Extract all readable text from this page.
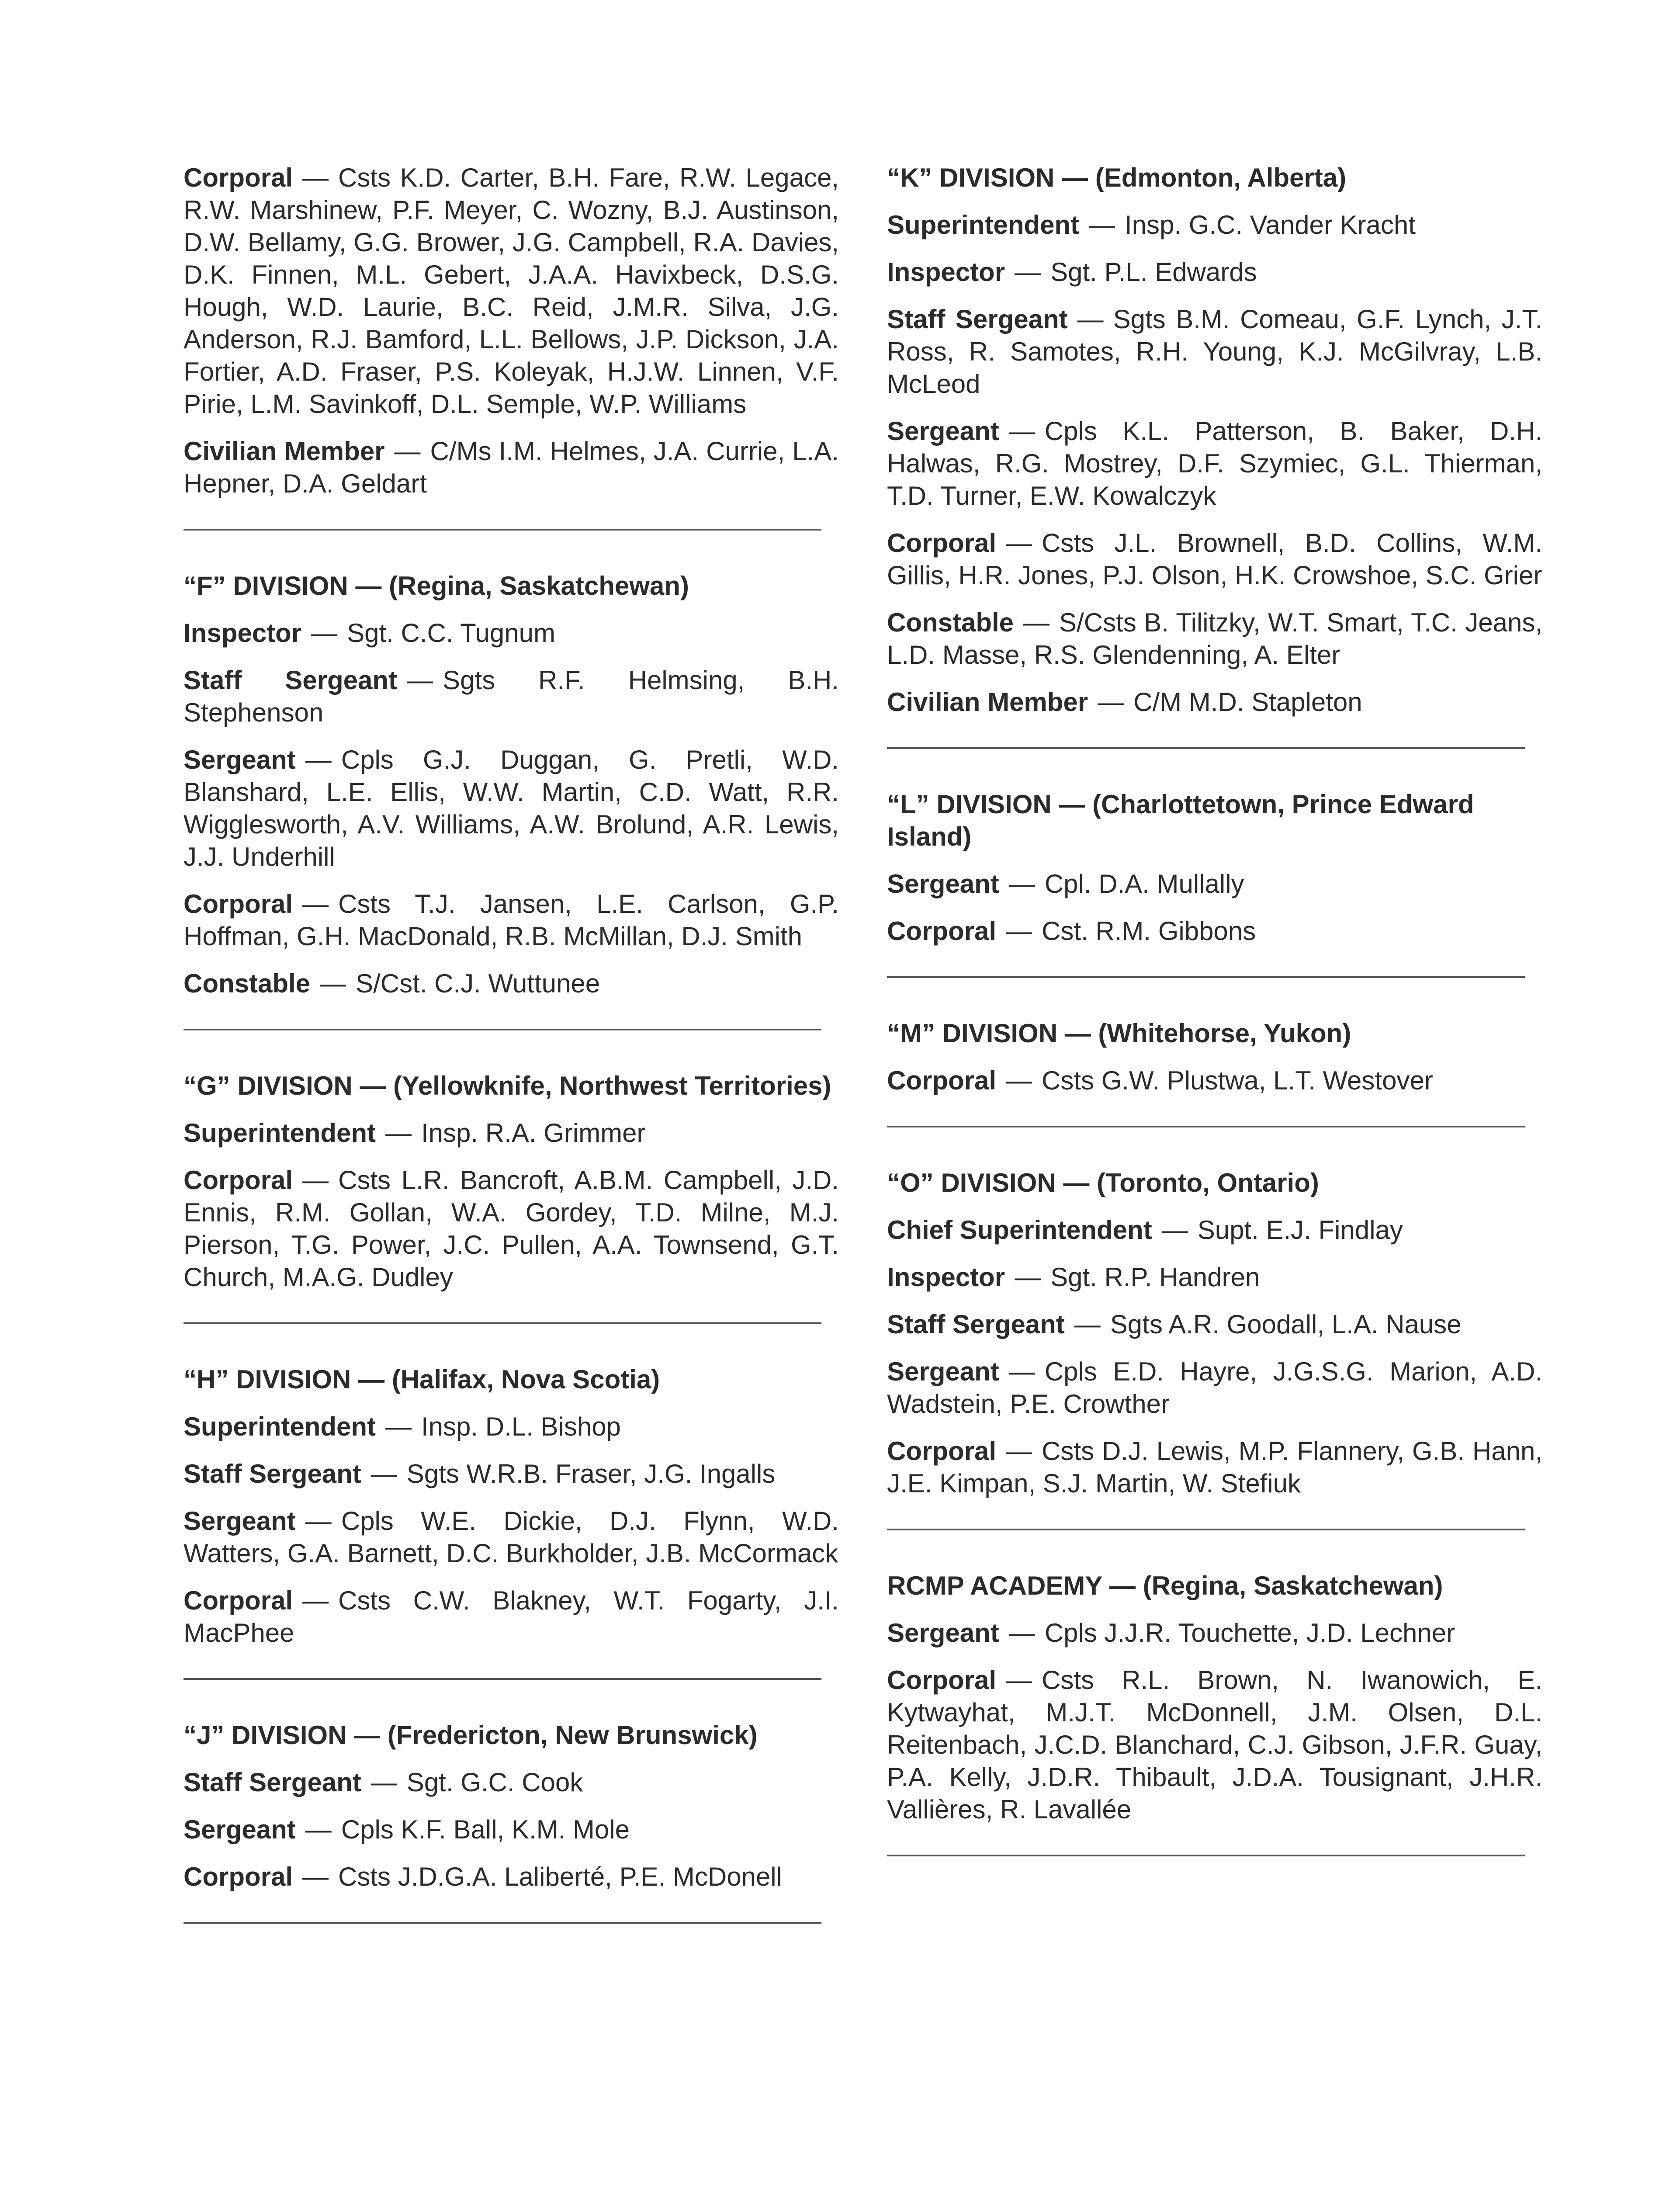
Corporal — Csts K.D. Carter, B.H. Fare, R.W. Legace, R.W. Marshinew, P.F. Meyer, C. Wozny, B.J. Austinson, D.W. Bellamy, G.G. Brower, J.G. Campbell, R.A. Davies, D.K. Finnen, M.L. Gebert, J.A.A. Havixbeck, D.S.G. Hough, W.D. Laurie, B.C. Reid, J.M.R. Silva, J.G. Anderson, R.J. Bamford, L.L. Bellows, J.P. Dickson, J.A. Fortier, A.D. Fraser, P.S. Koleyak, H.J.W. Linnen, V.F. Pirie, L.M. Savinkoff, D.L. Semple, W.P. Williams

Civilian Member — C/Ms I.M. Helmes, J.A. Currie, L.A. Hepner, D.A. Geldart

“F” DIVISION — (Regina, Saskatchewan)

Inspector — Sgt. C.C. Tugnum

Staff Sergeant — Sgts R.F. Helmsing, B.H. Stephenson

Sergeant — Cpls G.J. Duggan, G. Pretli, W.D. Blanshard, L.E. Ellis, W.W. Martin, C.D. Watt, R.R. Wigglesworth, A.V. Williams, A.W. Brolund, A.R. Lewis, J.J. Underhill

Corporal — Csts T.J. Jansen, L.E. Carlson, G.P. Hoffman, G.H. MacDonald, R.B. McMillan, D.J. Smith

Constable — S/Cst. C.J. Wuttunee

“G” DIVISION — (Yellowknife, Northwest Territories)

Superintendent — Insp. R.A. Grimmer

Corporal — Csts L.R. Bancroft, A.B.M. Campbell, J.D. Ennis, R.M. Gollan, W.A. Gordey, T.D. Milne, M.J. Pierson, T.G. Power, J.C. Pullen, A.A. Townsend, G.T. Church, M.A.G. Dudley

“H” DIVISION — (Halifax, Nova Scotia)

Superintendent — Insp. D.L. Bishop

Staff Sergeant — Sgts W.R.B. Fraser, J.G. Ingalls

Sergeant — Cpls W.E. Dickie, D.J. Flynn, W.D. Watters, G.A. Barnett, D.C. Burkholder, J.B. McCormack

Corporal — Csts C.W. Blakney, W.T. Fogarty, J.I. MacPhee

“J” DIVISION — (Fredericton, New Brunswick)

Staff Sergeant — Sgt. G.C. Cook

Sergeant — Cpls K.F. Ball, K.M. Mole

Corporal — Csts J.D.G.A. Laliberté, P.E. McDonell

“K” DIVISION — (Edmonton, Alberta)

Superintendent — Insp. G.C. Vander Kracht

Inspector — Sgt. P.L. Edwards

Staff Sergeant — Sgts B.M. Comeau, G.F. Lynch, J.T. Ross, R. Samotes, R.H. Young, K.J. McGilvray, L.B. McLeod

Sergeant — Cpls K.L. Patterson, B. Baker, D.H. Halwas, R.G. Mostrey, D.F. Szymiec, G.L. Thierman, T.D. Turner, E.W. Kowalczyk

Corporal — Csts J.L. Brownell, B.D. Collins, W.M. Gillis, H.R. Jones, P.J. Olson, H.K. Crowshoe, S.C. Grier

Constable — S/Csts B. Tilitzky, W.T. Smart, T.C. Jeans, L.D. Masse, R.S. Glendenning, A. Elter

Civilian Member — C/M M.D. Stapleton

“L” DIVISION — (Charlottetown, Prince Edward Island)

Sergeant — Cpl. D.A. Mullally

Corporal — Cst. R.M. Gibbons

“M” DIVISION — (Whitehorse, Yukon)

Corporal — Csts G.W. Plustwa, L.T. Westover

“O” DIVISION — (Toronto, Ontario)

Chief Superintendent — Supt. E.J. Findlay

Inspector — Sgt. R.P. Handren

Staff Sergeant — Sgts A.R. Goodall, L.A. Nause

Sergeant — Cpls E.D. Hayre, J.G.S.G. Marion, A.D. Wadstein, P.E. Crowther

Corporal — Csts D.J. Lewis, M.P. Flannery, G.B. Hann, J.E. Kimpan, S.J. Martin, W. Stefiuk

RCMP ACADEMY — (Regina, Saskatchewan)

Sergeant — Cpls J.J.R. Touchette, J.D. Lechner

Corporal — Csts R.L. Brown, N. Iwanowich, E. Kytwayhat, M.J.T. McDonnell, J.M. Olsen, D.L. Reitenbach, J.C.D. Blanchard, C.J. Gibson, J.F.R. Guay, P.A. Kelly, J.D.R. Thibault, J.D.A. Tousignant, J.H.R. Vallières, R. Lavallée
